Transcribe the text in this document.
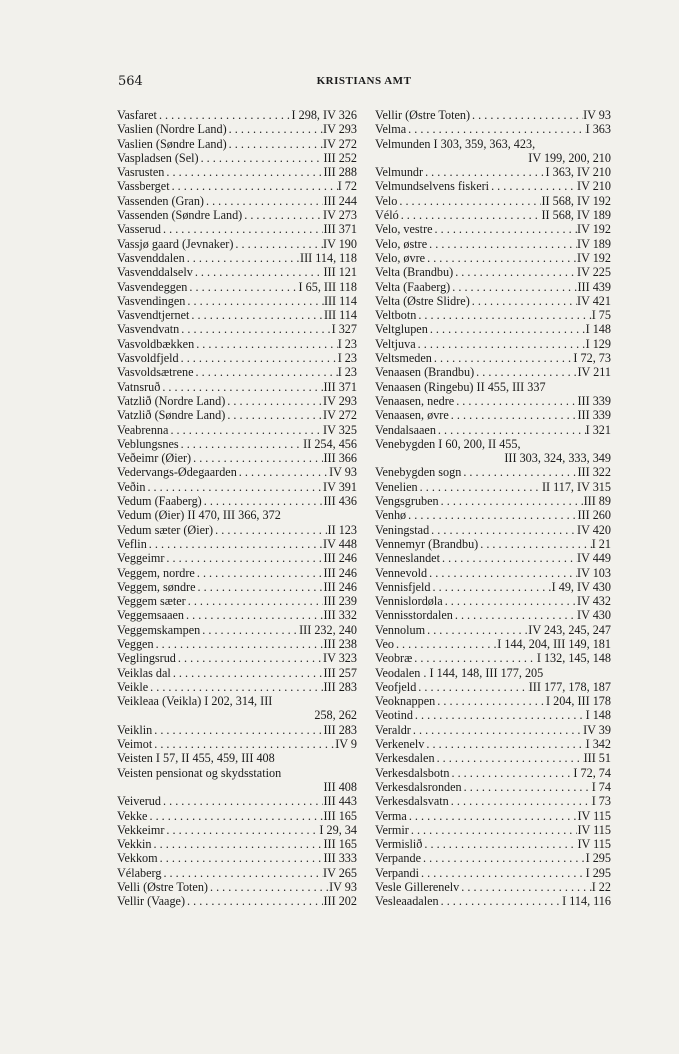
564	KRISTIANS AMT
Vasfaret . . .	I 298, IV 326
Vaslien (Nordre Land) . . .	IV 293
Vaslien (Søndre Land) . . .	IV 272
Vaspladsen (Sel) . . .	III 252
Vasrusten . . .	III 288
Vassberget . . .	I 72
Vassenden (Gran) . . .	III 244
Vassenden (Søndre Land) . . .	IV 273
Vasserud . . .	III 371
Vassjø gaard (Jevnaker) . . .	IV 190
Vasvenddalen . . .	III 114, 118
Vasvenddalselv . . .	III 121
Vasvendeggen . . .	I 65, III 118
Vasvendingen . . .	III 114
Vasvendtjernet . . .	III 114
Vasvendvatn . . .	I 327
Vasvoldbækken . . .	I 23
Vasvoldfjeld . . .	I 23
Vasvoldsætrene . . .	I 23
Vatnsruð . . .	III 371
Vatzlið (Nordre Land) . . .	IV 293
Vatzlið (Søndre Land) . . .	IV 272
Veabrenna . . .	IV 325
Veblungsnes . . .	II 254, 456
Veðeimr (Øier) . . .	III 366
Vedervangs-Ødegaarden . . .	IV 93
Veðin . . .	IV 391
Vedum (Faaberg) . . .	III 436
Vedum (Øier) II 470, III 366, 372
Vedum sæter (Øier) . . .	II 123
Veflin . . .	IV 448
Veggeimr . . .	III 246
Veggem, nordre . . .	III 246
Veggem, søndre . . .	III 246
Veggem sæter . . .	III 239
Veggemsaaen . . .	III 332
Veggemskampen . . .	III 232, 240
Veggen . . .	III 238
Veglingsrud . . .	IV 323
Veiklas dal . . .	III 257
Veikle . . .	III 283
Veikleaa (Veikla) I 202, 314, III
258, 262
Veiklin . . .	III 283
Veimot . . .	IV 9
Veisten I 57, II 455, 459, III 408
Veisten pensionat og skydsstation
III 408
Veiverud . . .	III 443
Vekke . . .	III 165
Vekkeimr . . .	I 29, 34
Vekkin . . .	III 165
Vekkom . . .	III 333
Vélaberg . . .	IV 265
Velli (Østre Toten) . . .	IV 93
Vellir (Vaage) . . .	III 202
Vellir (Østre Toten) . . .	IV 93
Velma . . .	I 363
Velmunden I 303, 359, 363, 423,
IV 199, 200, 210
Velmundr . . .	I 363, IV 210
Velmundselvens fiskeri . . .	IV 210
Velo . . .	II 568, IV 192
Véló . . .	II 568, IV 189
Velo, vestre . . .	IV 192
Velo, østre . . .	IV 189
Velo, øvre . . .	IV 192
Velta (Brandbu) . . .	IV 225
Velta (Faaberg) . . .	III 439
Velta (Østre Slidre) . . .	IV 421
Veltbotn . . .	I 75
Veltglupen . . .	I 148
Veltjuva . . .	I 129
Veltsmeden . . .	I 72, 73
Venaasen (Brandbu) . . .	IV 211
Venaasen (Ringebu) II 455, III 337
Venaasen, nedre . . .	III 339
Venaasen, øvre . . .	III 339
Vendalsaaen . . .	I 321
Venebygden I 60, 200, II 455,
III 303, 324, 333, 349
Venebygden sogn . . .	III 322
Venelien . . .	II 117, IV 315
Vengsgruben . . .	III 89
Venhø . . .	III 260
Veningstad . . .	IV 420
Vennemyr (Brandbu) . . .	I 21
Venneslandet . . .	IV 449
Vennevold . . .	IV 103
Vennisfjeld . . .	I 49, IV 430
Vennislordøla . . .	IV 432
Vennisstordalen . . .	IV 430
Vennolum . . .	IV 243, 245, 247
Veo . . .	I 144, 204, III 149, 181
Veobræ . . .	I 132, 145, 148
Veodalen . I 144, 148, III 177, 205
Veofjeld . . .	III 177, 178, 187
Veoknappen . . .	I 204, III 178
Veotind . . .	I 148
Veraldr . . .	IV 39
Verkenelv . . .	I 342
Verkesdalen . . .	III 51
Verkesdalsbotn . . .	I 72, 74
Verkesdalsronden . . .	I 74
Verkesdalsvatn . . .	I 73
Verma . . .	IV 115
Vermir . . .	IV 115
Vermislið . . .	IV 115
Verpande . . .	I 295
Verpandi . . .	I 295
Vesle Gillerenelv . . .	I 22
Vesleaadalen . . .	I 114, 116
